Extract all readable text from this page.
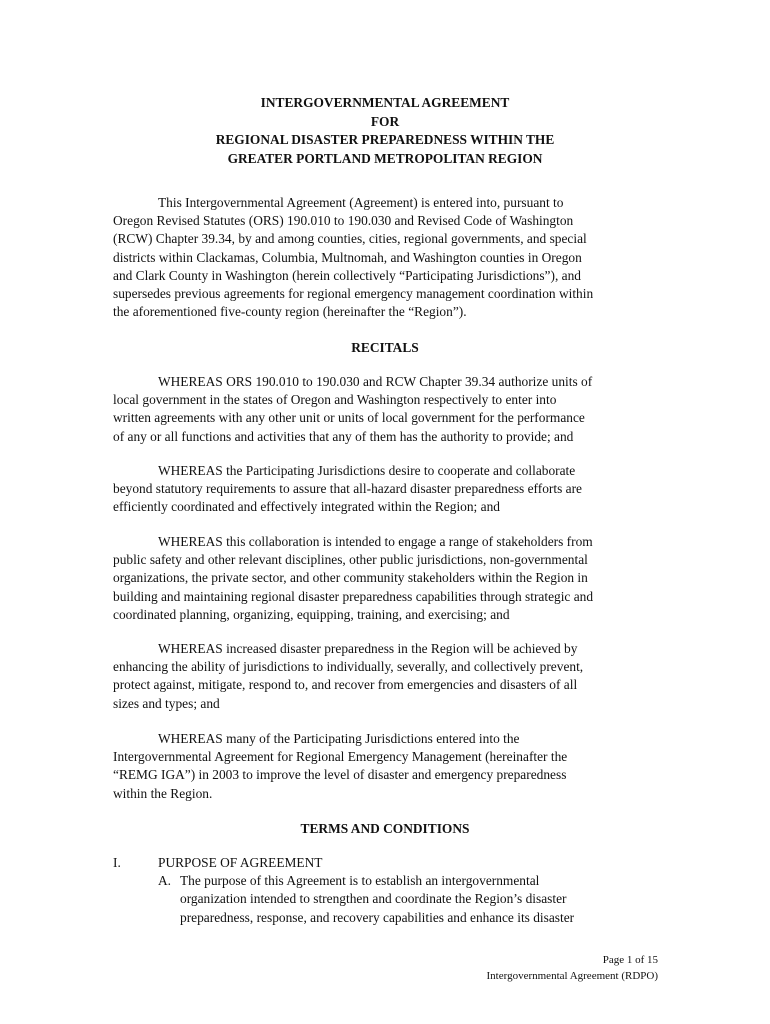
INTERGOVERNMENTAL AGREEMENT
FOR
REGIONAL DISASTER PREPAREDNESS WITHIN THE
GREATER PORTLAND METROPOLITAN REGION
This Intergovernmental Agreement (Agreement) is entered into, pursuant to
Oregon Revised Statutes (ORS) 190.010 to 190.030 and Revised Code of Washington
(RCW) Chapter 39.34, by and among counties, cities, regional governments, and special
districts within Clackamas, Columbia, Multnomah, and Washington counties in Oregon
and Clark County in Washington (herein collectively “Participating Jurisdictions”), and
supersedes previous agreements for regional emergency management coordination within
the aforementioned five-county region (hereinafter the “Region”).
RECITALS
WHEREAS ORS 190.010 to 190.030 and RCW Chapter 39.34 authorize units of
local government in the states of Oregon and Washington respectively to enter into
written agreements with any other unit or units of local government for the performance
of any or all functions and activities that any of them has the authority to provide; and
WHEREAS the Participating Jurisdictions desire to cooperate and collaborate
beyond statutory requirements to assure that all-hazard disaster preparedness efforts are
efficiently coordinated and effectively integrated within the Region; and
WHEREAS this collaboration is intended to engage a range of stakeholders from
public safety and other relevant disciplines, other public jurisdictions, non-governmental
organizations, the private sector, and other community stakeholders within the Region in
building and maintaining regional disaster preparedness capabilities through strategic and
coordinated planning, organizing, equipping, training, and exercising; and
WHEREAS increased disaster preparedness in the Region will be achieved by
enhancing the ability of jurisdictions to individually, severally, and collectively prevent,
protect against, mitigate, respond to, and recover from emergencies and disasters of all
sizes and types; and
WHEREAS many of the Participating Jurisdictions entered into the
Intergovernmental Agreement for Regional Emergency Management (hereinafter the
“REMG IGA”) in 2003 to improve the level of disaster and emergency preparedness
within the Region.
TERMS AND CONDITIONS
I.	PURPOSE OF AGREEMENT
A. The purpose of this Agreement is to establish an intergovernmental
organization intended to strengthen and coordinate the Region’s disaster
preparedness, response, and recovery capabilities and enhance its disaster
Page 1 of 15
Intergovernmental Agreement (RDPO)
